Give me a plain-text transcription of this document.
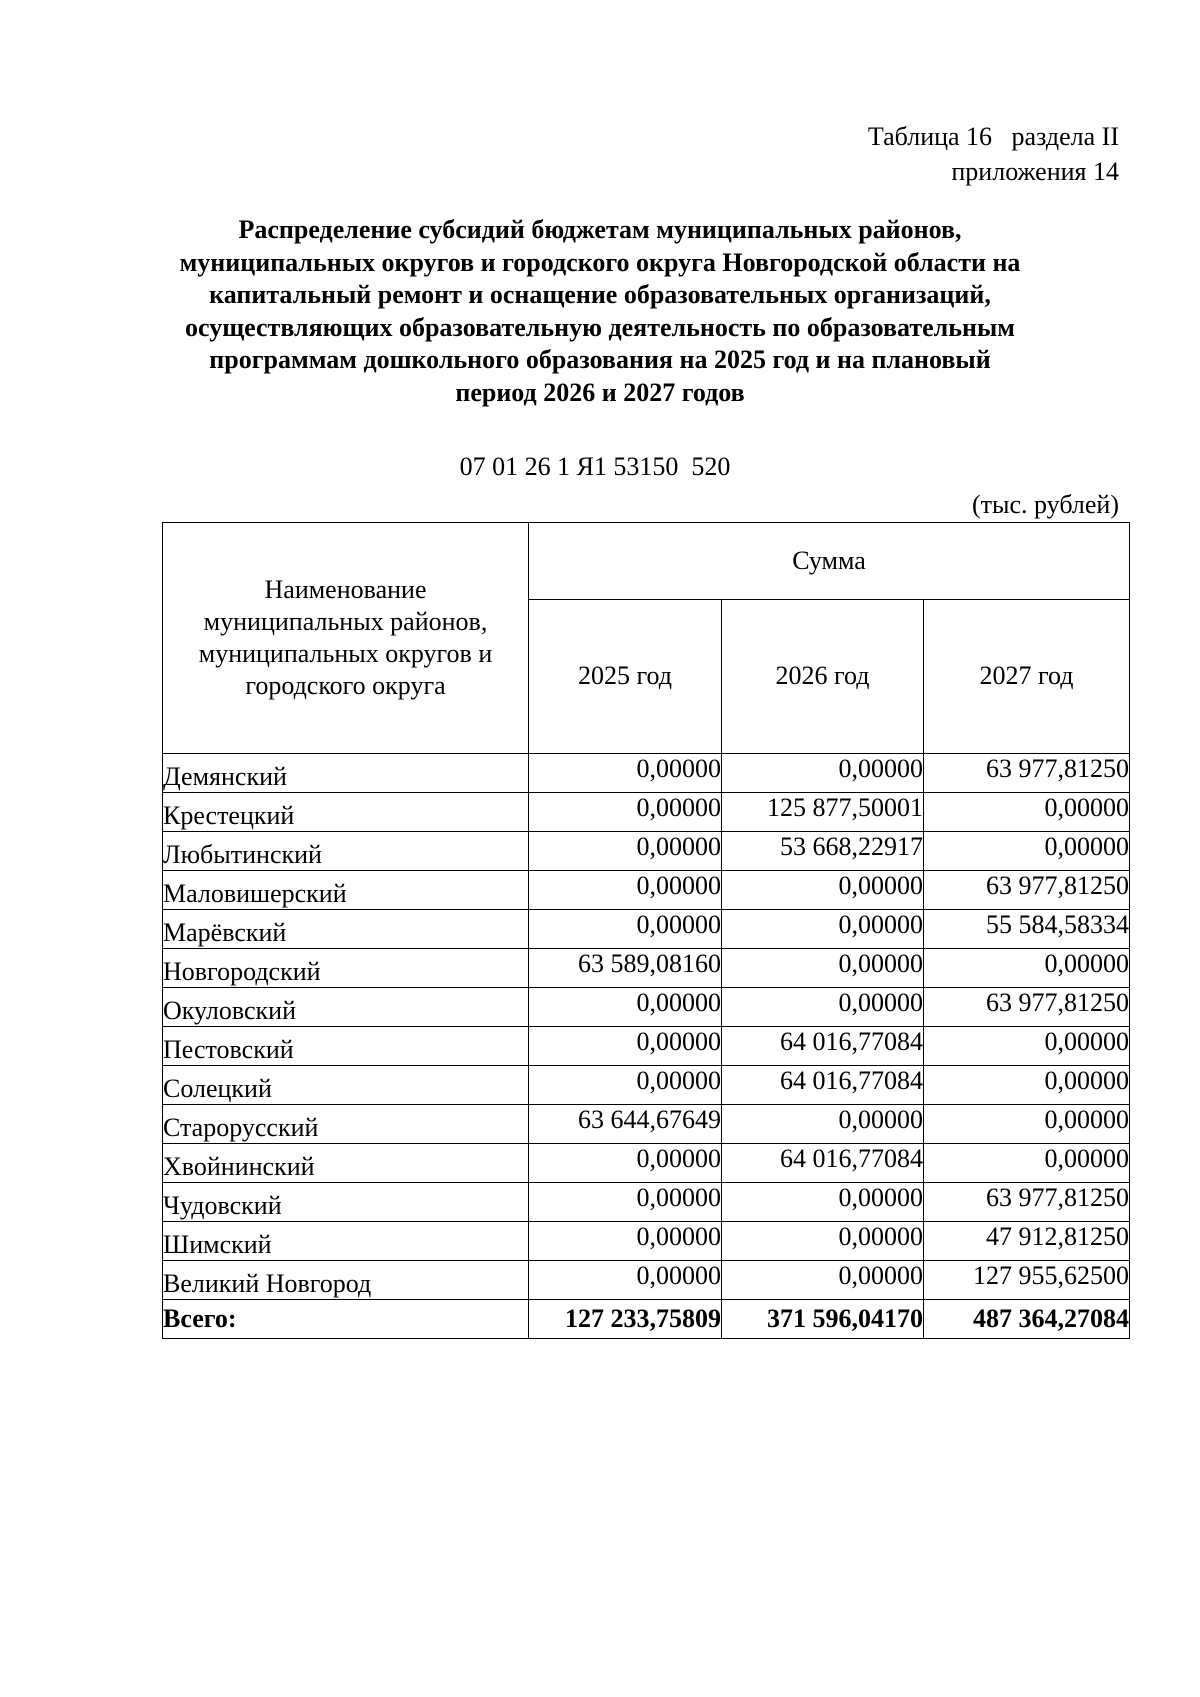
Таблица 16   раздела II
приложения 14
Распределение субсидий бюджетам муниципальных районов,
муниципальных округов и городского округа Новгородской области на
капитальный ремонт и оснащение образовательных организаций,
осуществляющих образовательную деятельность по образовательным
программам дошкольного образования на 2025 год и на плановый
период 2026 и 2027 годов
07 01 26 1 Я1 53150  520
(тыс. рублей)
Наименование
муниципальных районов,
муниципальных округов и
городского округа	Сумма		
	2025 год	2026 год	2027 год
Демянский	0,00000	0,00000	63 977,81250
Крестецкий	0,00000	125 877,50001	0,00000
Любытинский	0,00000	53 668,22917	0,00000
Маловишерский	0,00000	0,00000	63 977,81250
Марёвский	0,00000	0,00000	55 584,58334
Новгородский	63 589,08160	0,00000	0,00000
Окуловский	0,00000	0,00000	63 977,81250
Пестовский	0,00000	64 016,77084	0,00000
Солецкий	0,00000	64 016,77084	0,00000
Старорусский	63 644,67649	0,00000	0,00000
Хвойнинский	0,00000	64 016,77084	0,00000
Чудовский	0,00000	0,00000	63 977,81250
Шимский	0,00000	0,00000	47 912,81250
Великий Новгород	0,00000	0,00000	127 955,62500
Всего:	127 233,75809	371 596,04170	487 364,27084
